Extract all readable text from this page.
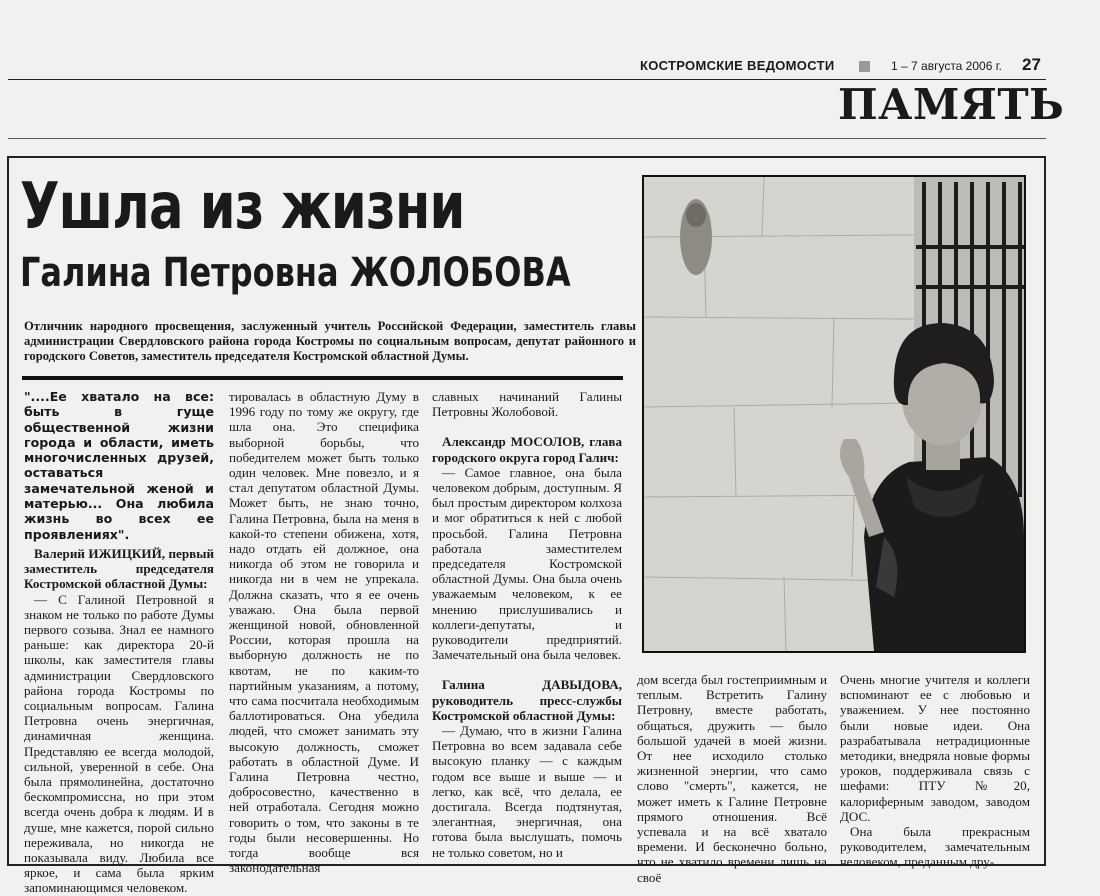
КОСТРОМСКИЕ ВЕДОМОСТИ	1 – 7 августа 2006 г. 27
ПАМЯТЬ
Ушла из жизни
Галина Петровна ЖОЛОБОВА
Отличник народного просвещения, заслуженный учитель Российской Федерации, заместитель главы администрации Свердловского района города Костромы по социальным вопросам, депутат районного и городского Советов, заместитель председателя Костромской областной Думы.

"....Ее хватало на все: быть в гуще общественной жизни города и области, иметь многочисленных друзей, оставаться замечательной женой и матерью... Она любила жизнь во всех ее проявлениях".

Валерий ИЖИЦКИЙ, первый заместитель председателя Костромской областной Думы:

— С Галиной Петровной я знаком не только по работе Думы первого созыва. Знал ее намного раньше: как директора 20-й школы, как заместителя главы администрации Свердловского района города Костромы по социальным вопросам. Галина Петровна очень энергичная, динамичная женщина. Представляю ее всегда молодой, сильной, уверенной в себе. Она была прямолинейна, достаточно бескомпромиссна, но при этом всегда очень добра к людям. И в душе, мне кажется, порой сильно переживала, но никогда не показывала виду. Любила все яркое, и сама была ярким запоминающимся человеком.

тировалась в областную Думу в 1996 году по тому же округу, где шла она. Это специфика выборной борьбы, что победителем может быть только один человек. Мне повезло, и я стал депутатом областной Думы. Может быть, не знаю точно, Галина Петровна, была на меня в какой-то степени обижена, хотя, надо отдать ей должное, она никогда об этом не говорила и никогда ни в чем не упрекала. Должна сказать, что я ее очень уважаю. Она была первой женщиной новой, обновленной России, которая прошла на выборную должность не по квотам, не по каким-то партийным указаниям, а потому, что сама посчитала необходимым баллотироваться. Она убедила людей, что сможет занимать эту высокую должность, сможет работать в областной Думе. И Галина Петровна честно, добросовестно, качественно в ней отработала. Сегодня можно говорить о том, что законы в те годы были несовершенны. Но тогда вообще вся законодательная

славных начинаний Галины Петровны Жолобовой.

Александр МОСОЛОВ, глава городского округа город Галич:

— Самое главное, она была человеком добрым, доступным. Я был простым директором колхоза и мог обратиться к ней с любой просьбой. Галина Петровна работала заместителем председателя Костромской областной Думы. Она была очень уважаемым человеком, к ее мнению прислушивались и коллеги-депутаты, и руководители предприятий. Замечательный она была человек.

Галина ДАВЫДОВА, руководитель пресс-службы Костромской областной Думы:

— Думаю, что в жизни Галина Петровна во всем задавала себе высокую планку — с каждым годом все выше и выше — и легко, как всё, что делала, ее достигала. Всегда подтянутая, элегантная, энергичная, она готова была выслушать, помочь не только советом, но и

дом всегда был гостеприимным и теплым. Встретить Галину Петровну, вместе работать, общаться, дружить — было большой удачей в моей жизни. От нее исходило столько жизненной энергии, что само слово "смерть", кажется, не может иметь к Галине Петровне прямого отношения. Всё успевала и на всё хватало времени. И бесконечно больно, что не хватило времени лишь на своё

Очень многие учителя и коллеги вспоминают ее с любовью и уважением. У нее постоянно были новые идеи. Она разрабатывала нетрадиционные методики, внедряла новые формы уроков, поддерживала связь с шефами: ПТУ №20, калориферным заводом, заводом ДОС.

Она была прекрасным руководителем, замечательным человеком, преданным дру-
